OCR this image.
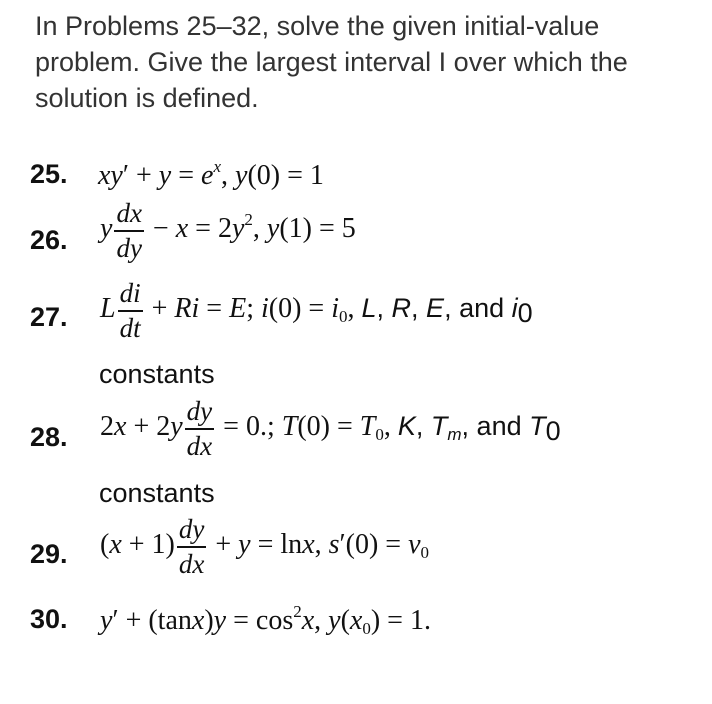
In Problems 25–32, solve the given initial-value problem. Give the largest interval I over which the solution is defined.
25. $xy' + y = e^x$, y(0) = 1
26. y $\frac{dx}{dy} - x = 2y^2$, y(1) = 5
27. L $\frac{di}{dt} + Ri = E$; $i(0) = i_0$, L, R, E, and $i_0$
constants
28. $2x + 2y \frac{dy}{dx} = 0$.; $T(0) = T_0$, K, $T_m$, and $T_0$
constants
29. $(x + 1) \frac{dy}{dx} + y = \ln x$, $s'(0) = v_0$
30. $y' + (\tan x)y = \cos^2x$, $y(x_0) = 1$.
